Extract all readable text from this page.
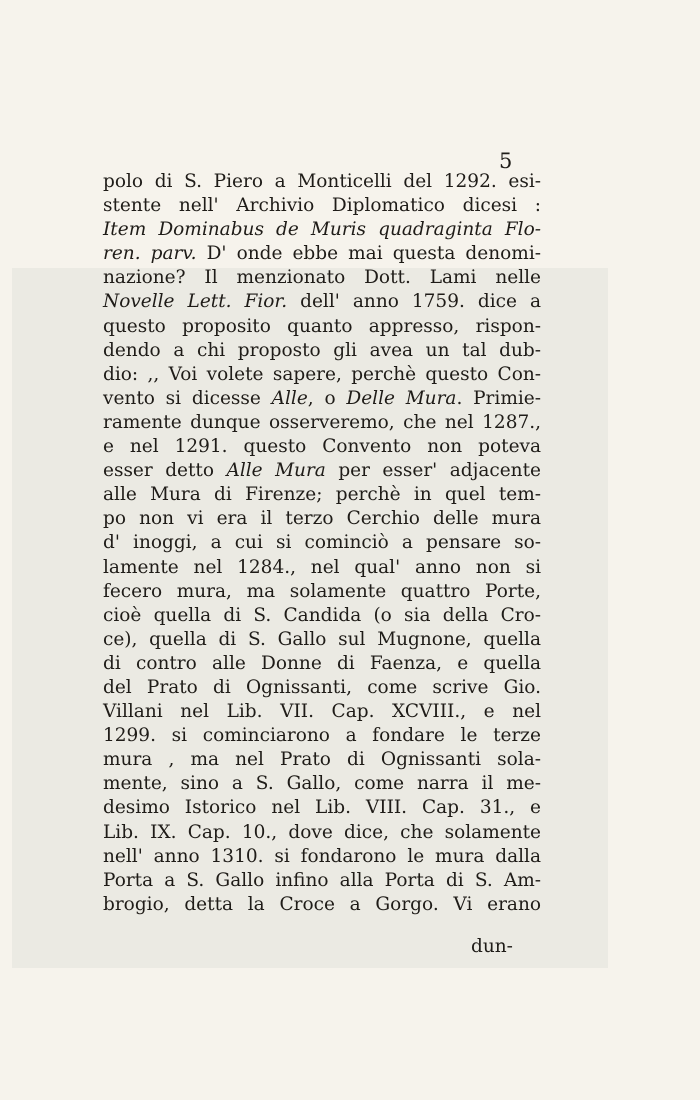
5
polo di S. Piero a Monticelli del 1292. esi-
stente nell' Archivio Diplomatico dicesi :
Item Dominabus de Muris quadraginta Flo-
ren. parv. D' onde ebbe mai questa denomi-
nazione? Il menzionato Dott. Lami nelle
Novelle Lett. Fior. dell' anno 1759. dice a
questo proposito quanto appresso, rispon-
dendo a chi proposto gli avea un tal dub-
dio: ,, Voi volete sapere, perchè questo Con-
vento si dicesse Alle, o Delle Mura. Primie-
ramente dunque osserveremo, che nel 1287.,
e nel 1291. questo Convento non poteva
esser detto Alle Mura per esser' adjacente
alle Mura di Firenze; perchè in quel tem-
po non vi era il terzo Cerchio delle mura
d' inoggi, a cui si cominciò a pensare so-
lamente nel 1284., nel qual' anno non si
fecero mura, ma solamente quattro Porte,
cioè quella di S. Candida (o sia della Cro-
ce), quella di S. Gallo sul Mugnone, quella
di contro alle Donne di Faenza, e quella
del Prato di Ognissanti, come scrive Gio.
Villani nel Lib. VII. Cap. XCVIII., e nel
1299. si cominciarono a fondare le terze
mura , ma nel Prato di Ognissanti sola-
mente, sino a S. Gallo, come narra il me-
desimo Istorico nel Lib. VIII. Cap. 31., e
Lib. IX. Cap. 10., dove dice, che solamente
nell' anno 1310. si fondarono le mura dalla
Porta a S. Gallo infino alla Porta di S. Am-
brogio, detta la Croce a Gorgo. Vi erano
dun-
